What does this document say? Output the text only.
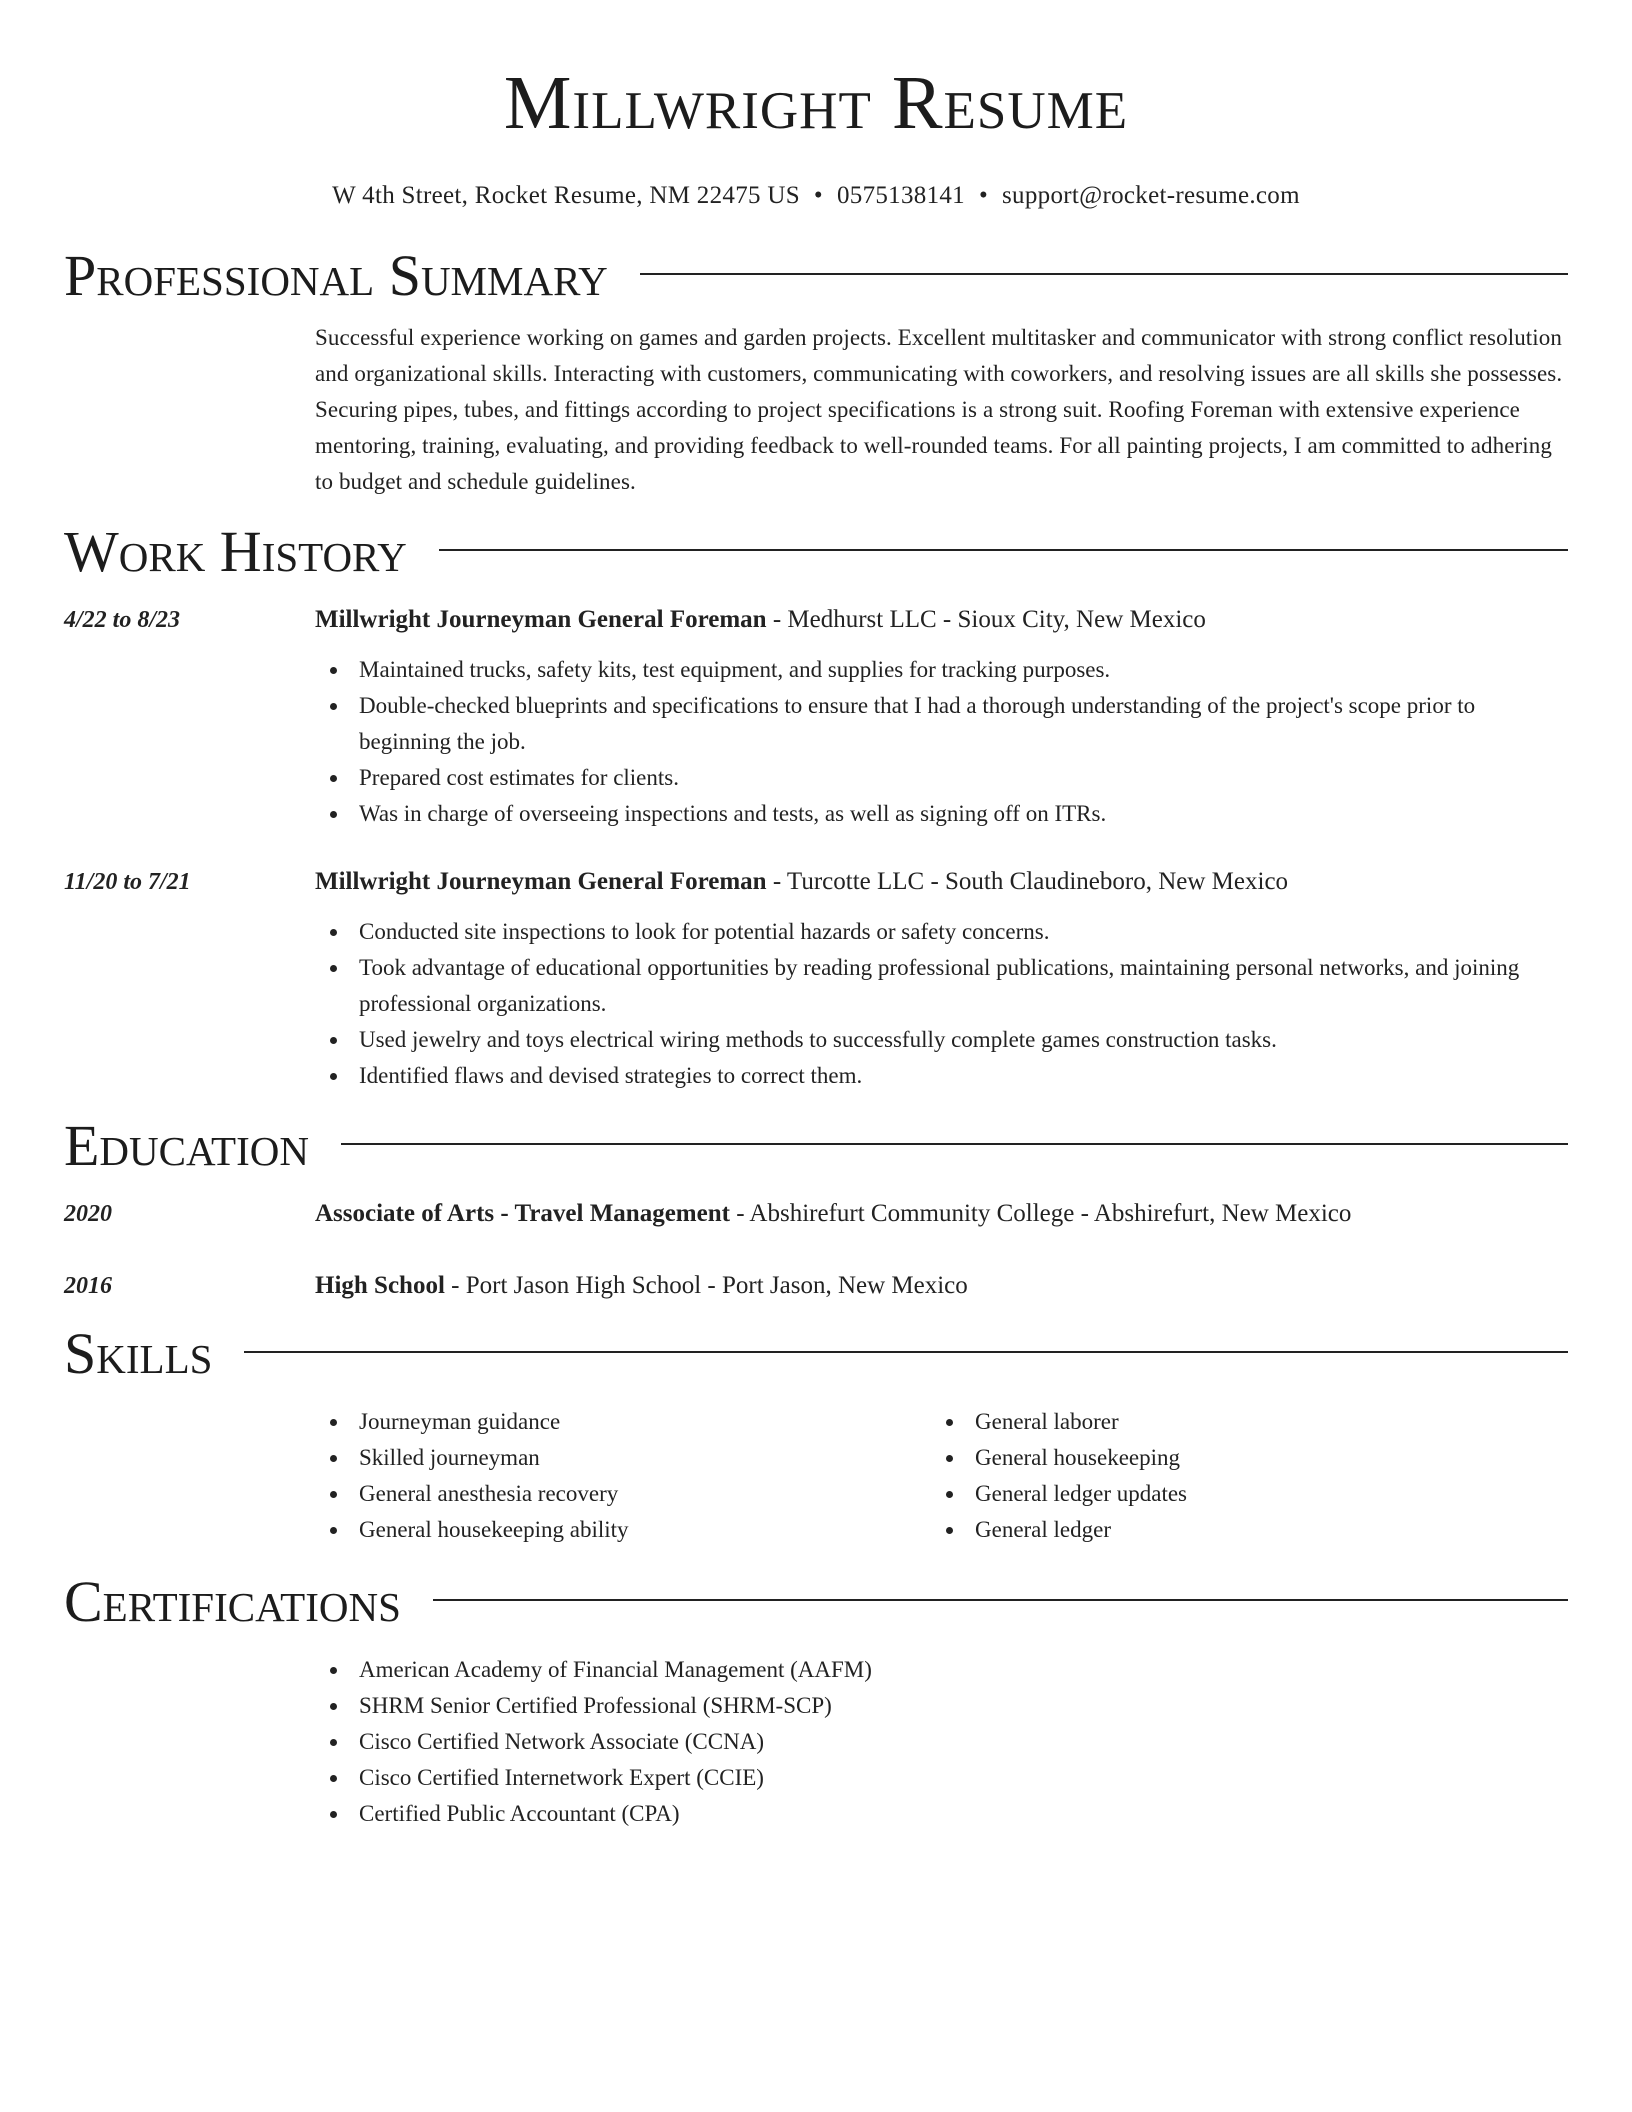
Millwright Resume
W 4th Street, Rocket Resume, NM 22475 US • 0575138141 • support@rocket-resume.com
Professional Summary
Successful experience working on games and garden projects. Excellent multitasker and communicator with strong conflict resolution and organizational skills. Interacting with customers, communicating with coworkers, and resolving issues are all skills she possesses. Securing pipes, tubes, and fittings according to project specifications is a strong suit. Roofing Foreman with extensive experience mentoring, training, evaluating, and providing feedback to well-rounded teams. For all painting projects, I am committed to adhering to budget and schedule guidelines.
Work History
4/22 to 8/23	Millwright Journeyman General Foreman - Medhurst LLC - Sioux City, New Mexico
Maintained trucks, safety kits, test equipment, and supplies for tracking purposes.
Double-checked blueprints and specifications to ensure that I had a thorough understanding of the project's scope prior to beginning the job.
Prepared cost estimates for clients.
Was in charge of overseeing inspections and tests, as well as signing off on ITRs.
11/20 to 7/21	Millwright Journeyman General Foreman - Turcotte LLC - South Claudineboro, New Mexico
Conducted site inspections to look for potential hazards or safety concerns.
Took advantage of educational opportunities by reading professional publications, maintaining personal networks, and joining professional organizations.
Used jewelry and toys electrical wiring methods to successfully complete games construction tasks.
Identified flaws and devised strategies to correct them.
Education
2020	Associate of Arts - Travel Management - Abshirefurt Community College - Abshirefurt, New Mexico
2016	High School - Port Jason High School - Port Jason, New Mexico
Skills
Journeyman guidance
Skilled journeyman
General anesthesia recovery
General housekeeping ability
General laborer
General housekeeping
General ledger updates
General ledger
Certifications
American Academy of Financial Management (AAFM)
SHRM Senior Certified Professional (SHRM-SCP)
Cisco Certified Network Associate (CCNA)
Cisco Certified Internetwork Expert (CCIE)
Certified Public Accountant (CPA)
